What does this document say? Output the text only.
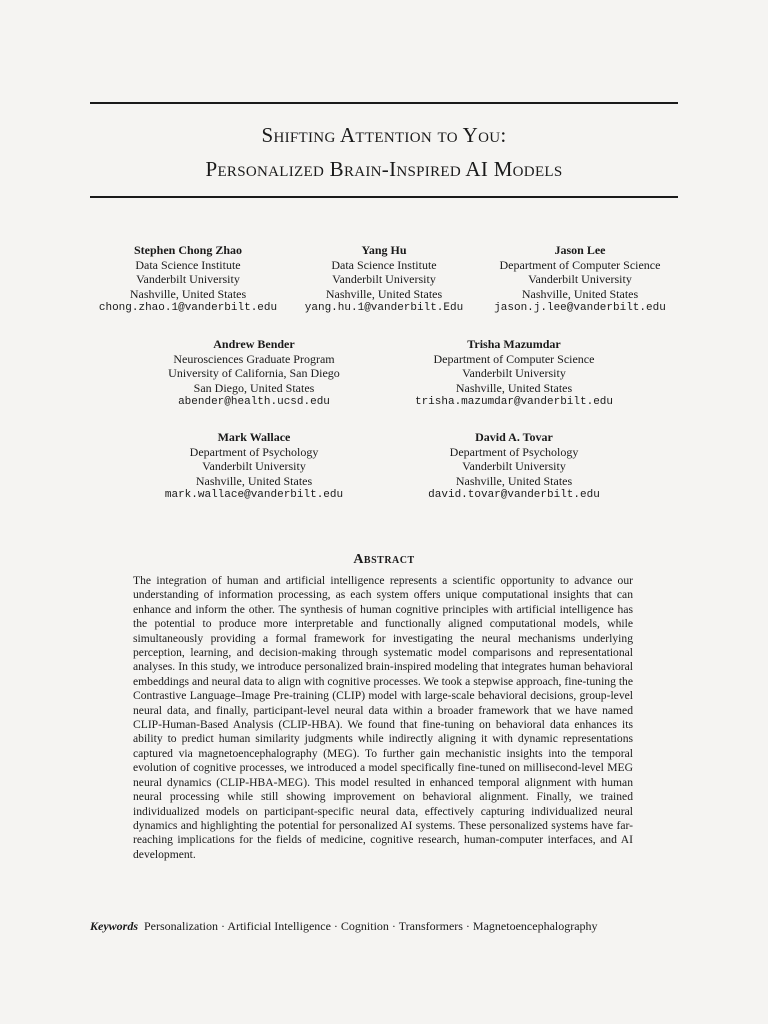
Shifting Attention to You:
Personalized Brain-Inspired AI Models
Stephen Chong Zhao
Data Science Institute
Vanderbilt University
Nashville, United States
chong.zhao.1@vanderbilt.edu
Yang Hu
Data Science Institute
Vanderbilt University
Nashville, United States
yang.hu.1@vanderbilt.Edu
Jason Lee
Department of Computer Science
Vanderbilt University
Nashville, United States
jason.j.lee@vanderbilt.edu
Andrew Bender
Neurosciences Graduate Program
University of California, San Diego
San Diego, United States
abender@health.ucsd.edu
Trisha Mazumdar
Department of Computer Science
Vanderbilt University
Nashville, United States
trisha.mazumdar@vanderbilt.edu
Mark Wallace
Department of Psychology
Vanderbilt University
Nashville, United States
mark.wallace@vanderbilt.edu
David A. Tovar
Department of Psychology
Vanderbilt University
Nashville, United States
david.tovar@vanderbilt.edu
Abstract
The integration of human and artificial intelligence represents a scientific opportunity to advance our understanding of information processing, as each system offers unique computational insights that can enhance and inform the other. The synthesis of human cognitive principles with artificial intelligence has the potential to produce more interpretable and functionally aligned computational models, while simultaneously providing a formal framework for investigating the neural mechanisms underlying perception, learning, and decision-making through systematic model comparisons and representational analyses. In this study, we introduce personalized brain-inspired modeling that integrates human behavioral embeddings and neural data to align with cognitive processes. We took a stepwise approach, fine-tuning the Contrastive Language–Image Pre-training (CLIP) model with large-scale behavioral decisions, group-level neural data, and finally, participant-level neural data within a broader framework that we have named CLIP-Human-Based Analysis (CLIP-HBA). We found that fine-tuning on behavioral data enhances its ability to predict human similarity judgments while indirectly aligning it with dynamic representations captured via magnetoencephalography (MEG). To further gain mechanistic insights into the temporal evolution of cognitive processes, we introduced a model specifically fine-tuned on millisecond-level MEG neural dynamics (CLIP-HBA-MEG). This model resulted in enhanced temporal alignment with human neural processing while still showing improvement on behavioral alignment. Finally, we trained individualized models on participant-specific neural data, effectively capturing individualized neural dynamics and highlighting the potential for personalized AI systems. These personalized systems have far-reaching implications for the fields of medicine, cognitive research, human-computer interfaces, and AI development.
Keywords Personalization · Artificial Intelligence · Cognition · Transformers · Magnetoencephalography
